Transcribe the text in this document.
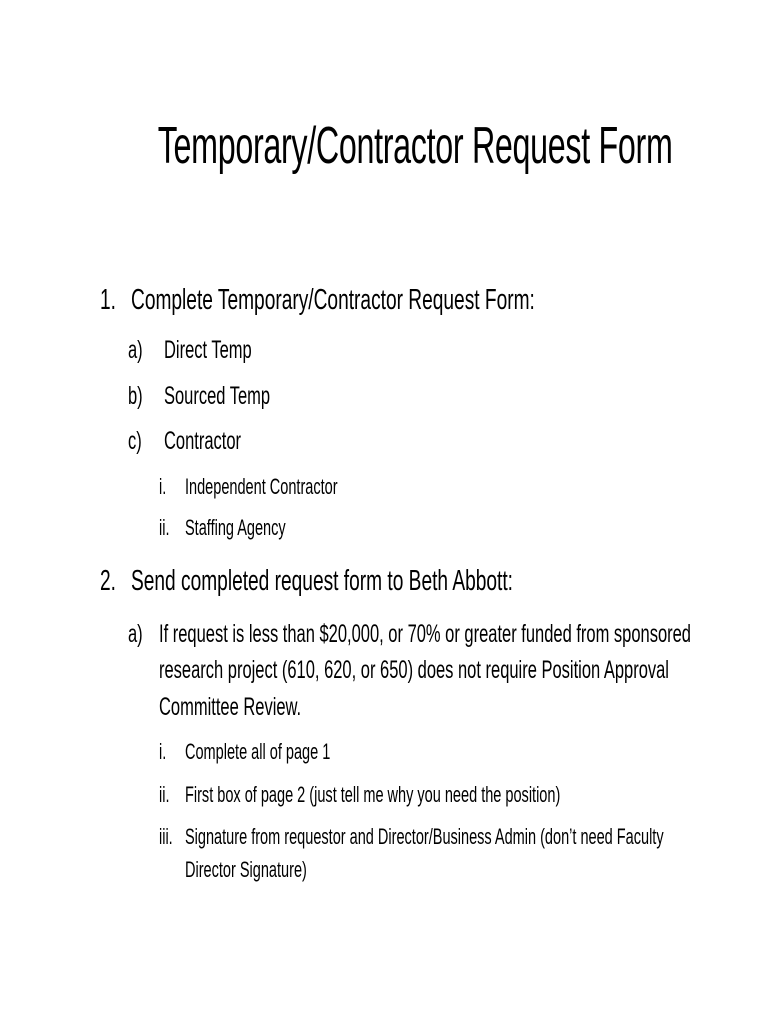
Temporary/Contractor Request Form
1. Complete Temporary/Contractor Request Form:
a) Direct Temp
b) Sourced Temp
c) Contractor
i. Independent Contractor
ii. Staffing Agency
2. Send completed request form to Beth Abbott:
a) If request is less than $20,000, or 70% or greater funded from sponsored
research project (610, 620, or 650) does not require Position Approval
Committee Review.
i. Complete all of page 1
ii. First box of page 2 (just tell me why you need the position)
iii. Signature from requestor and Director/Business Admin (don’t need Faculty
Director Signature)
